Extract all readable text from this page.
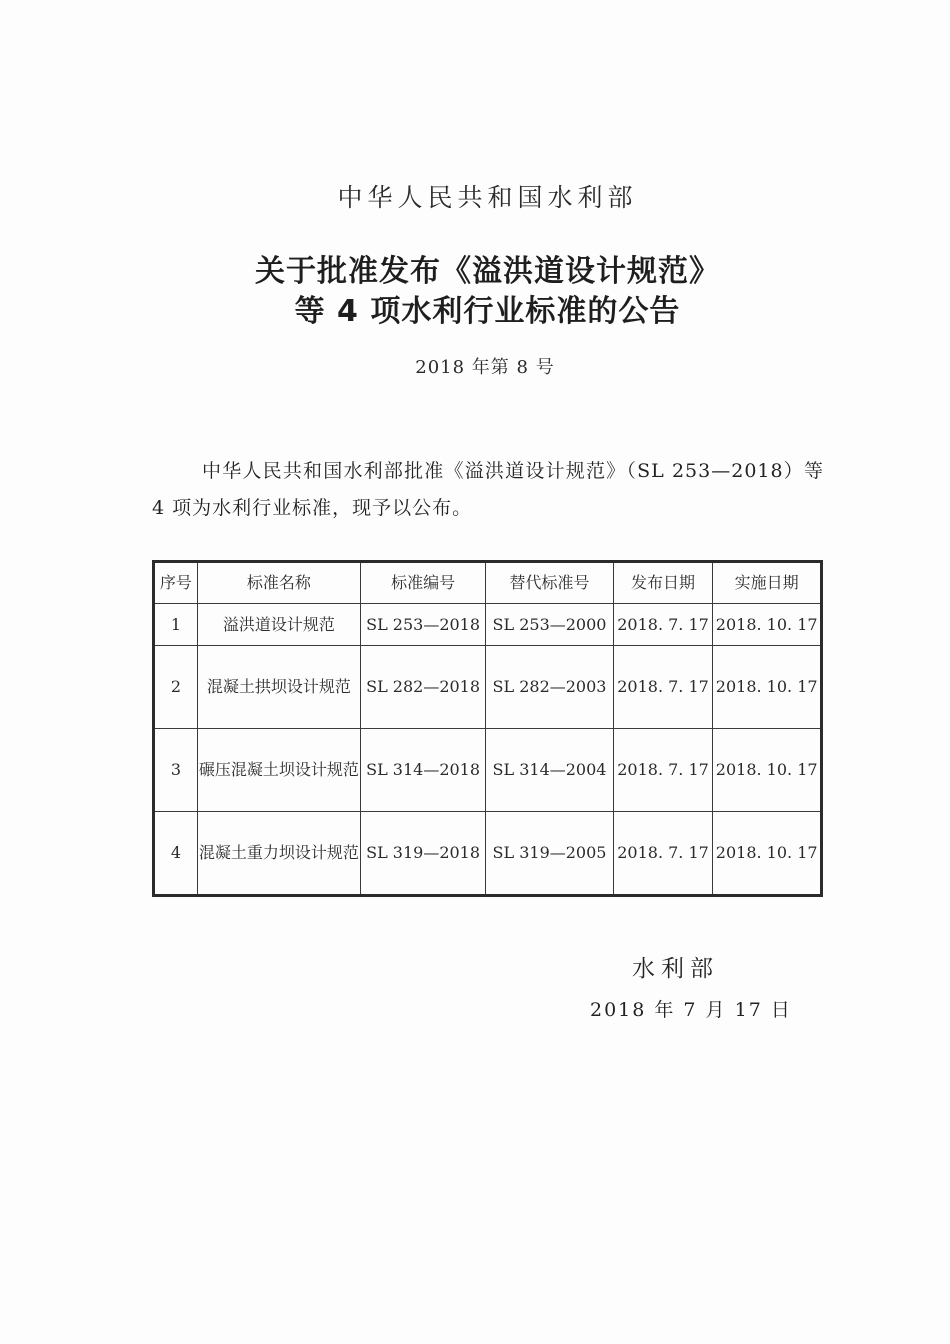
中华人民共和国水利部
关于批准发布《溢洪道设计规范》
等 4 项水利行业标准的公告
2018 年第 8 号
中华人民共和国水利部批准《溢洪道设计规范》（SL 253—2018）等 4 项为水利行业标准，现予以公布。
序号	标准名称	标准编号	替代标准号	发布日期	实施日期
1	溢洪道设计规范	SL 253—2018	SL 253—2000	2018. 7. 17	2018. 10. 17
2	混凝土拱坝设计规范	SL 282—2018	SL 282—2003	2018. 7. 17	2018. 10. 17
3	碾压混凝土坝设计规范	SL 314—2018	SL 314—2004	2018. 7. 17	2018. 10. 17
4	混凝土重力坝设计规范	SL 319—2018	SL 319—2005	2018. 7. 17	2018. 10. 17
水利部
2018 年 7 月 17 日
